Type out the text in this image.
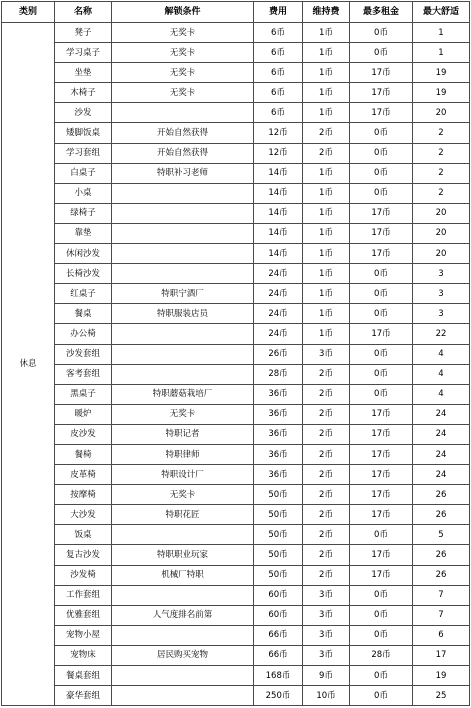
类别	名称	解锁条件	费用	维持费	最多租金	最大舒适
休息	凳子	无奖卡	6币	1币	0币	1
	学习桌子	无奖卡	6币	1币	0币	1
	坐垫	无奖卡	6币	1币	17币	19
	木椅子	无奖卡	6币	1币	17币	19
	沙发		6币	1币	17币	20
	矮脚饭桌	开始自然获得	12币	2币	0币	2
	学习套组	开始自然获得	12币	2币	0币	2
	白桌子	特职补习老师	14币	1币	0币	2
	小桌		14币	1币	0币	2
	绿椅子		14币	1币	17币	20
	靠垫		14币	1币	17币	20
	休闲沙发		14币	1币	17币	20
	长椅沙发		24币	1币	0币	3
	红桌子	特职宁酒厂	24币	1币	0币	3
	餐桌	特职服装店员	24币	1币	0币	3
	办公椅		24币	1币	17币	22
	沙发套组		26币	3币	0币	4
	客考套组		28币	2币	0币	4
	黑桌子	特职蘑菇栽培厂	36币	2币	0币	4
	暖炉	无奖卡	36币	2币	17币	24
	皮沙发	特职记者	36币	2币	17币	24
	餐椅	特职律师	36币	2币	17币	24
	皮革椅	特职设计厂	36币	2币	17币	24
	按摩椅	无奖卡	50币	2币	17币	26
	大沙发	特职花匠	50币	2币	17币	26
	饭桌		50币	2币	0币	5
	复古沙发	特职职业玩家	50币	2币	17币	26
	沙发椅	机械厂特职	50币	2币	17币	26
	工作套组		60币	3币	0币	7
	优雅套组	人气度排名前第	60币	3币	0币	7
	宠物小屋		66币	3币	0币	6
	宠物床	居民购买宠物	66币	3币	28币	17
	餐桌套组		168币	9币	0币	19
	豪华套组		250币	10币	0币	25
